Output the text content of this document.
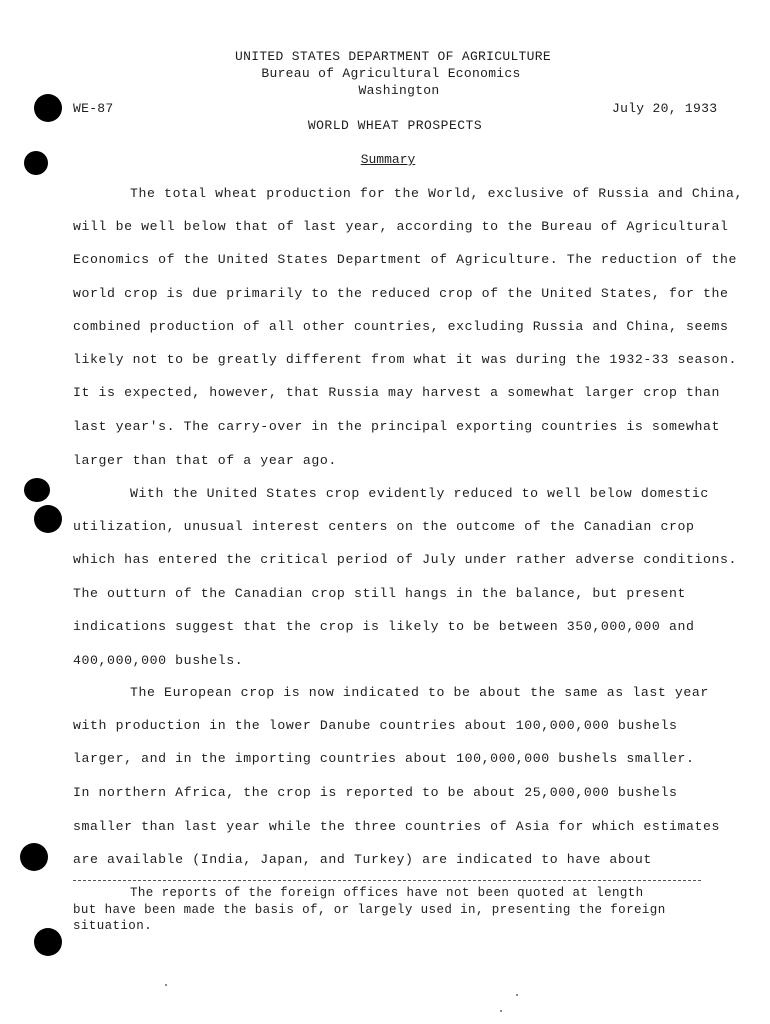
UNITED STATES DEPARTMENT OF AGRICULTURE
Bureau of Agricultural Economics
Washington
WE-87	July 20, 1933
WORLD WHEAT PROSPECTS
Summary
The total wheat production for the World, exclusive of Russia and China,
will be well below that of last year, according to the Bureau of Agricultural
Economics of the United States Department of Agriculture. The reduction of the
world crop is due primarily to the reduced crop of the United States, for the
combined production of all other countries, excluding Russia and China, seems
likely not to be greatly different from what it was during the 1932-33 season.
It is expected, however, that Russia may harvest a somewhat larger crop than
last year's. The carry-over in the principal exporting countries is somewhat
larger than that of a year ago.
With the United States crop evidently reduced to well below domestic
utilization, unusual interest centers on the outcome of the Canadian crop
which has entered the critical period of July under rather adverse conditions.
The outturn of the Canadian crop still hangs in the balance, but present
indications suggest that the crop is likely to be between 350,000,000 and
400,000,000 bushels.
The European crop is now indicated to be about the same as last year
with production in the lower Danube countries about 100,000,000 bushels
larger, and in the importing countries about 100,000,000 bushels smaller.
In northern Africa, the crop is reported to be about 25,000,000 bushels
smaller than last year while the three countries of Asia for which estimates
are available (India, Japan, and Turkey) are indicated to have about
The reports of the foreign offices have not been quoted at length
but have been made the basis of, or largely used in, presenting the foreign
situation.
